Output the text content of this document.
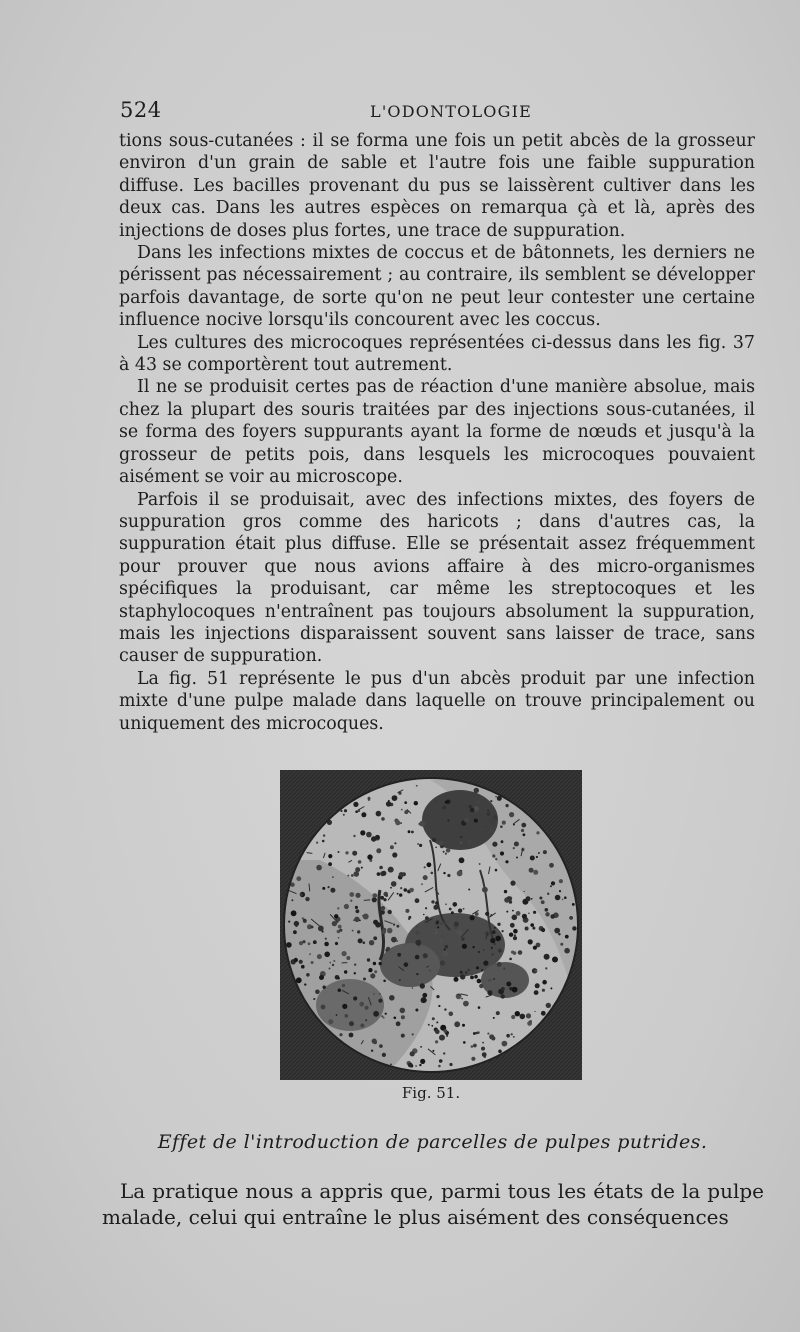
524	L'ODONTOLOGIE

tions sous-cutanées : il se forma une fois un petit abcès de la grosseur environ d'un grain de sable et l'autre fois une faible suppuration diffuse. Les bacilles provenant du pus se laissèrent cultiver dans les deux cas. Dans les autres espèces on remarqua çà et là, après des injections de doses plus fortes, une trace de suppuration.

Dans les infections mixtes de coccus et de bâtonnets, les derniers ne périssent pas nécessairement ; au contraire, ils semblent se développer parfois davantage, de sorte qu'on ne peut leur contester une certaine influence nocive lorsqu'ils concourent avec les coccus.

Les cultures des microcoques représentées ci-dessus dans les fig. 37 à 43 se comportèrent tout autrement.

Il ne se produisit certes pas de réaction d'une manière absolue, mais chez la plupart des souris traitées par des injections sous-cutanées, il se forma des foyers suppurants ayant la forme de nœuds et jusqu'à la grosseur de petits pois, dans lesquels les microcoques pouvaient aisément se voir au microscope.

Parfois il se produisait, avec des infections mixtes, des foyers de suppuration gros comme des haricots ; dans d'autres cas, la suppuration était plus diffuse. Elle se présentait assez fréquemment pour prouver que nous avions affaire à des micro-organismes spécifiques la produisant, car même les streptocoques et les staphylocoques n'entraînent pas toujours absolument la suppuration, mais les injections disparaissent souvent sans laisser de trace, sans causer de suppuration.

La fig. 51 représente le pus d'un abcès produit par une infection mixte d'une pulpe malade dans laquelle on trouve principalement ou uniquement des microcoques.

Fig. 51.
Effet de l'introduction de parcelles de pulpes putrides.

La pratique nous a appris que, parmi tous les états de la pulpe malade, celui qui entraîne le plus aisément des conséquences
